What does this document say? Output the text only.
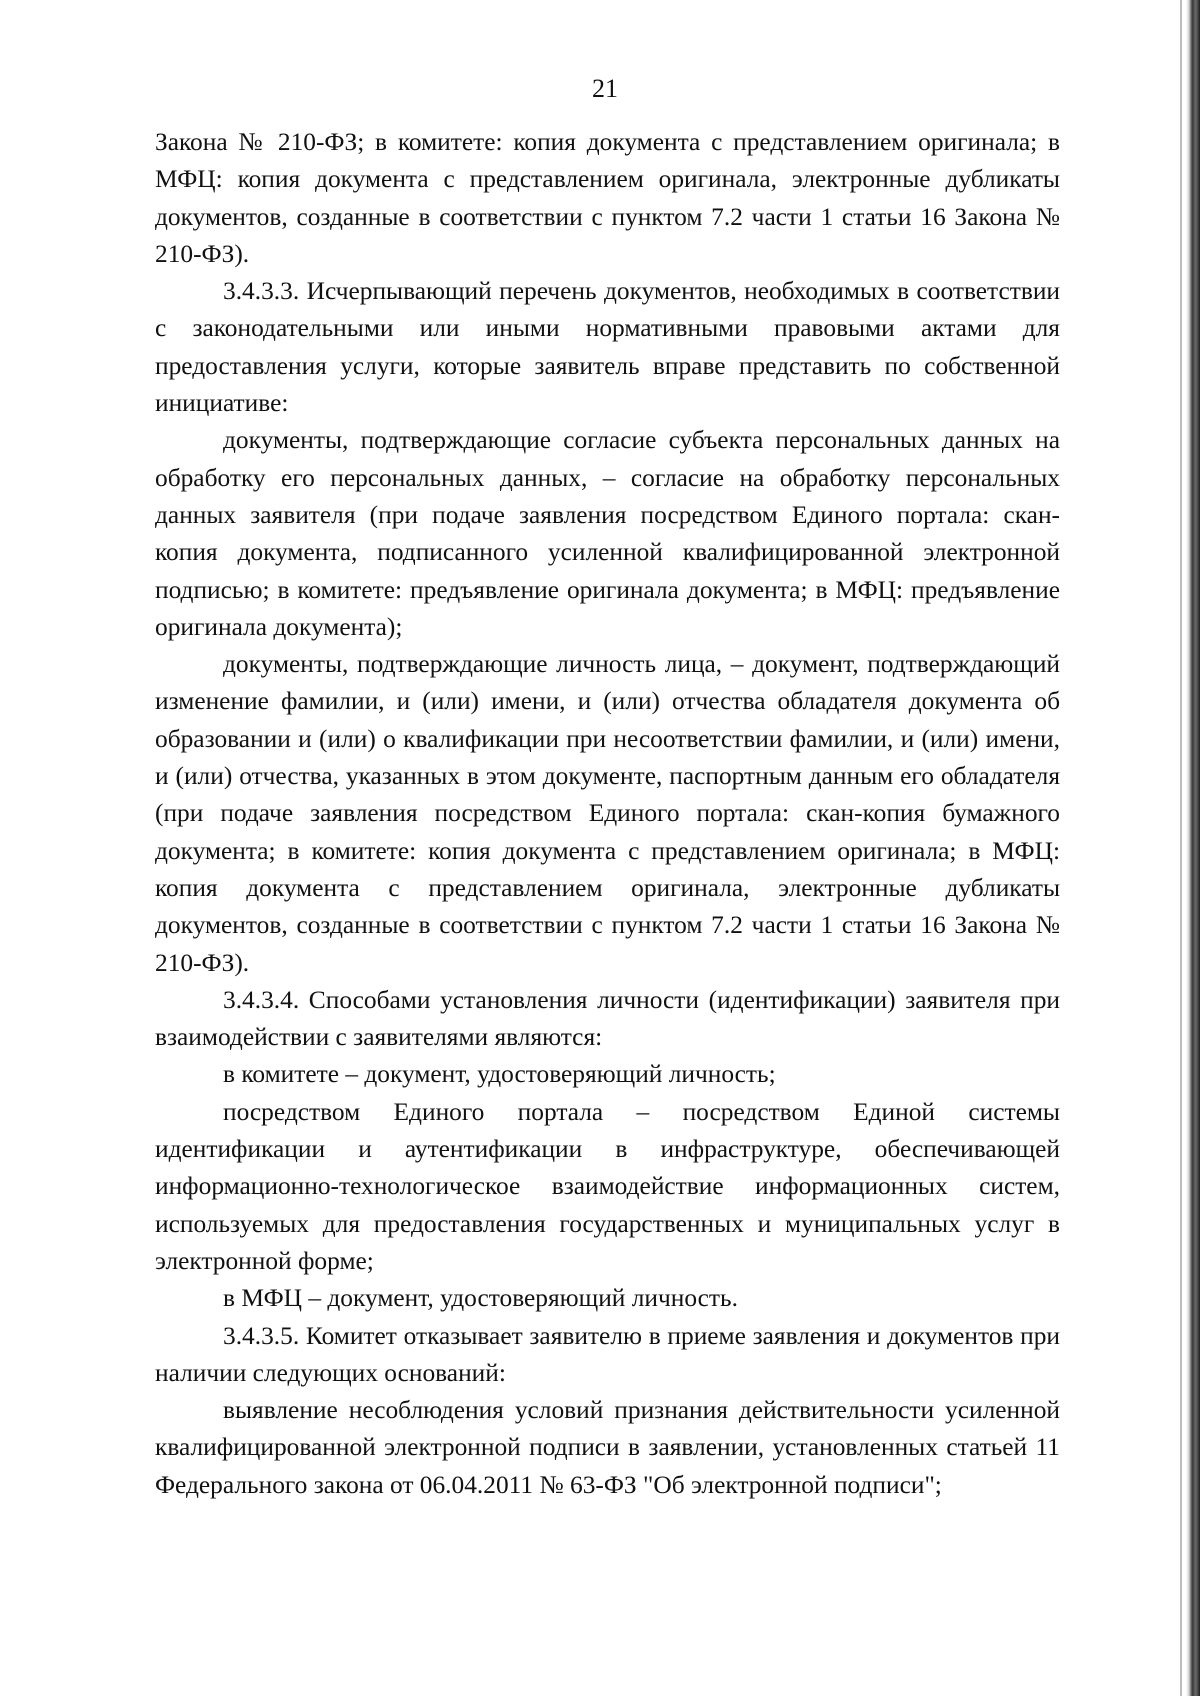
21

Закона № 210-ФЗ; в комитете: копия документа с представлением оригинала; в МФЦ: копия документа с представлением оригинала, электронные дубликаты документов, созданные в соответствии с пунктом 7.2 части 1 статьи 16 Закона № 210-ФЗ).

3.4.3.3. Исчерпывающий перечень документов, необходимых в соответствии с законодательными или иными нормативными правовыми актами для предоставления услуги, которые заявитель вправе представить по собственной инициативе:

документы, подтверждающие согласие субъекта персональных данных на обработку его персональных данных, – согласие на обработку персональных данных заявителя (при подаче заявления посредством Единого портала: скан-копия документа, подписанного усиленной квалифицированной электронной подписью; в комитете: предъявление оригинала документа; в МФЦ: предъявление оригинала документа);

документы, подтверждающие личность лица, – документ, подтверждающий изменение фамилии, и (или) имени, и (или) отчества обладателя документа об образовании и (или) о квалификации при несоответствии фамилии, и (или) имени, и (или) отчества, указанных в этом документе, паспортным данным его обладателя (при подаче заявления посредством Единого портала: скан-копия бумажного документа; в комитете: копия документа с представлением оригинала; в МФЦ: копия документа с представлением оригинала, электронные дубликаты документов, созданные в соответствии с пунктом 7.2 части 1 статьи 16 Закона № 210-ФЗ).

3.4.3.4. Способами установления личности (идентификации) заявителя при взаимодействии с заявителями являются:

в комитете – документ, удостоверяющий личность;

посредством Единого портала – посредством Единой системы идентификации и аутентификации в инфраструктуре, обеспечивающей информационно-технологическое взаимодействие информационных систем, используемых для предоставления государственных и муниципальных услуг в электронной форме;

в МФЦ – документ, удостоверяющий личность.

3.4.3.5. Комитет отказывает заявителю в приеме заявления и документов при наличии следующих оснований:

выявление несоблюдения условий признания действительности усиленной квалифицированной электронной подписи в заявлении, установленных статьей 11 Федерального закона от 06.04.2011 № 63-ФЗ "Об электронной подписи";
